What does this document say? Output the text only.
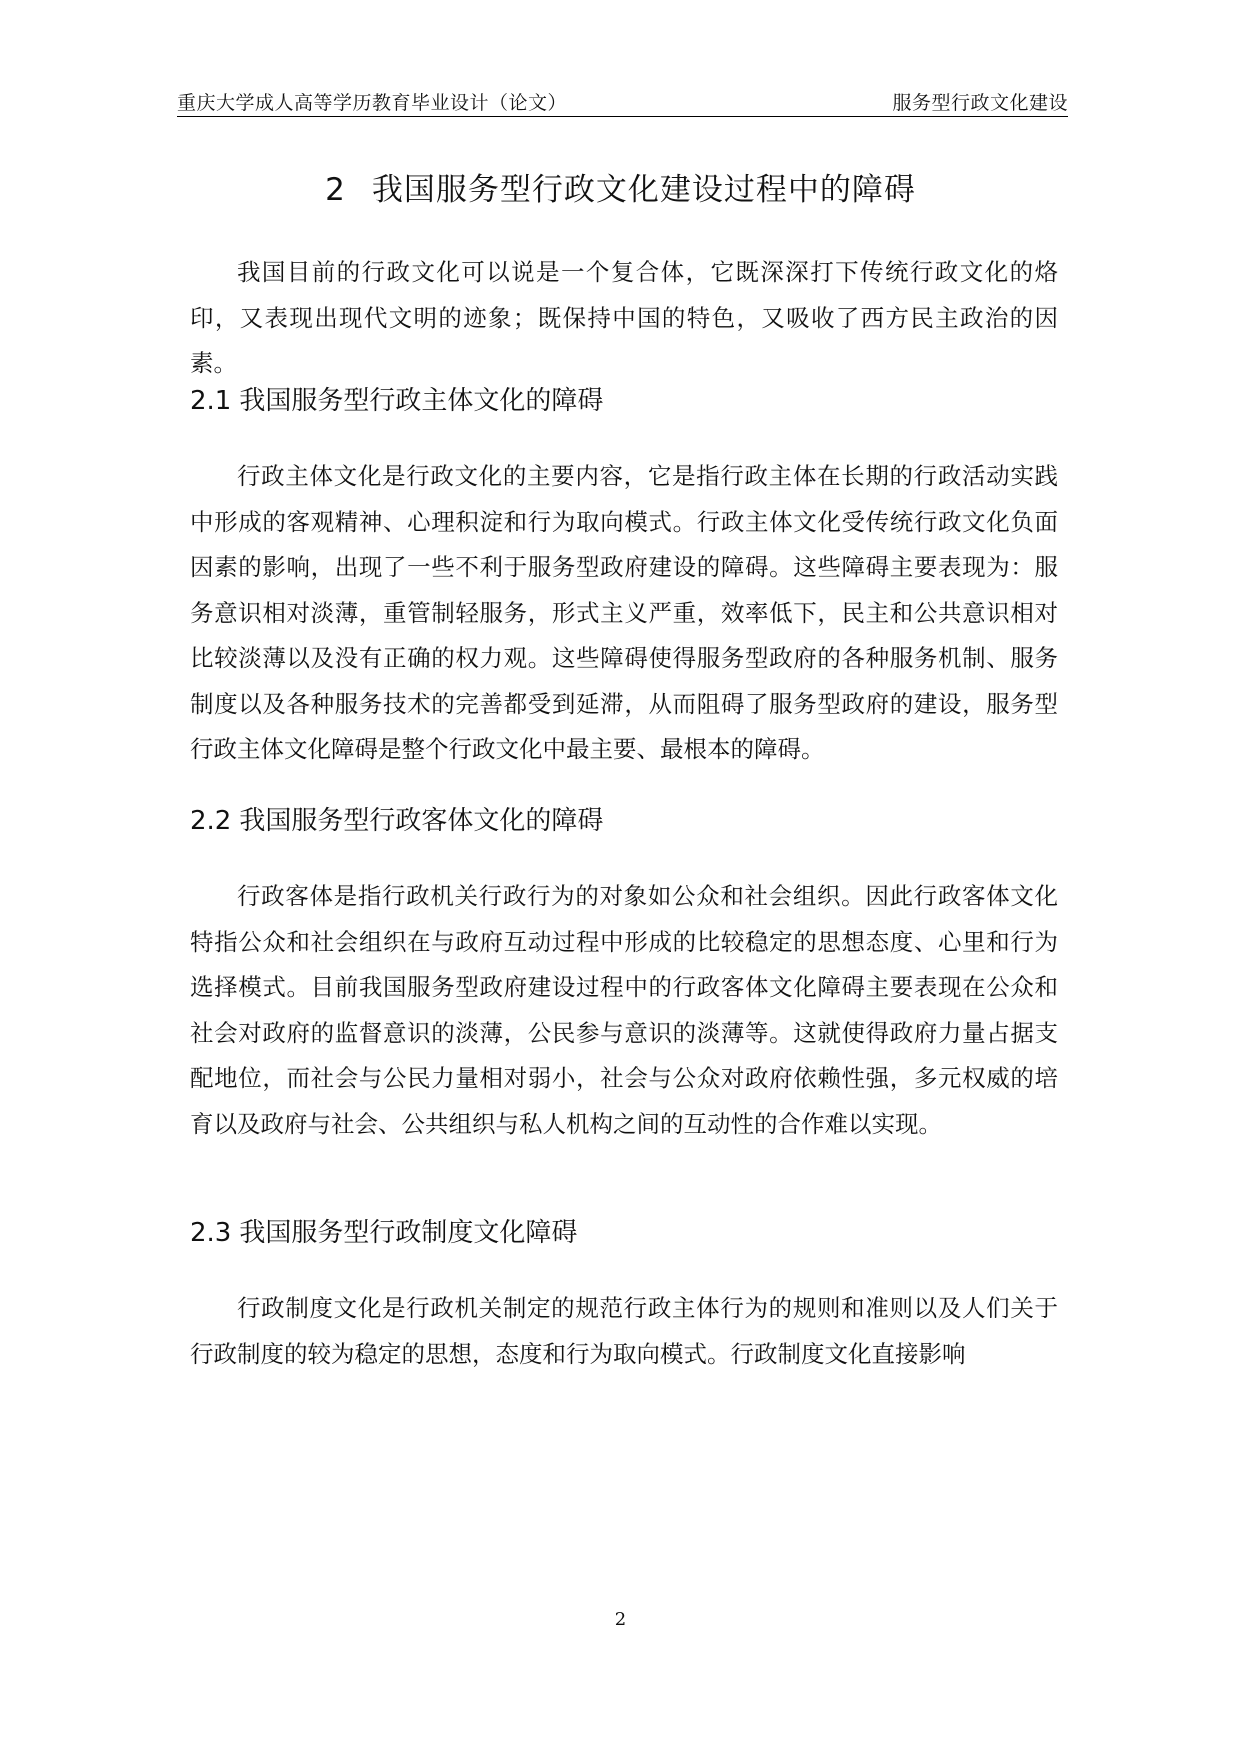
重庆大学成人高等学历教育毕业设计（论文）	服务型行政文化建设
2 我国服务型行政文化建设过程中的障碍

我国目前的行政文化可以说是一个复合体，它既深深打下传统行政文化的烙印，又表现出现代文明的迹象；既保持中国的特色，又吸收了西方民主政治的因素。

2.1 我国服务型行政主体文化的障碍

行政主体文化是行政文化的主要内容，它是指行政主体在长期的行政活动实践中形成的客观精神、心理积淀和行为取向模式。行政主体文化受传统行政文化负面因素的影响，出现了一些不利于服务型政府建设的障碍。这些障碍主要表现为：服务意识相对淡薄，重管制轻服务，形式主义严重，效率低下，民主和公共意识相对比较淡薄以及没有正确的权力观。这些障碍使得服务型政府的各种服务机制、服务制度以及各种服务技术的完善都受到延滞，从而阻碍了服务型政府的建设，服务型行政主体文化障碍是整个行政文化中最主要、最根本的障碍。

2.2 我国服务型行政客体文化的障碍

行政客体是指行政机关行政行为的对象如公众和社会组织。因此行政客体文化特指公众和社会组织在与政府互动过程中形成的比较稳定的思想态度、心里和行为选择模式。目前我国服务型政府建设过程中的行政客体文化障碍主要表现在公众和社会对政府的监督意识的淡薄，公民参与意识的淡薄等。这就使得政府力量占据支配地位，而社会与公民力量相对弱小，社会与公众对政府依赖性强，多元权威的培育以及政府与社会、公共组织与私人机构之间的互动性的合作难以实现。

2.3 我国服务型行政制度文化障碍

行政制度文化是行政机关制定的规范行政主体行为的规则和准则以及人们关于行政制度的较为稳定的思想，态度和行为取向模式。行政制度文化直接影响

2
